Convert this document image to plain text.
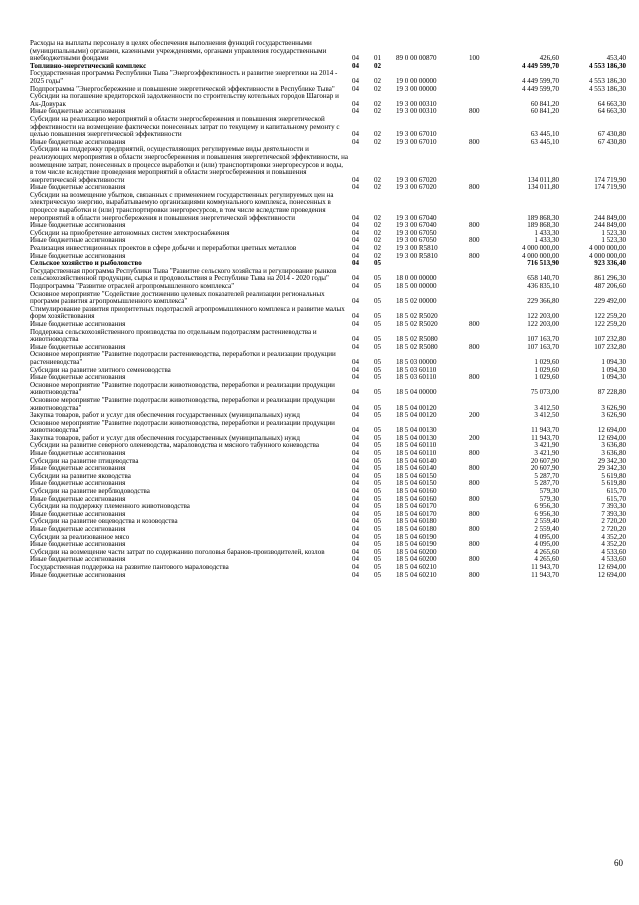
Расходы на выплаты персоналу в целях обеспечения выполнения функций государственными (муниципальными) органами, казенными учреждениями, органами управления государственными внебюджетными фондами	04	01	89 0 00 00870	100	426,60	453,40
Топливно-энергетический комплекс	04	02			4 449 599,70	4 553 186,30
Государственная программа Республики Тыва "Энергоэффективность и развитие энергетики на 2014 - 2025 годы"	04	02	19 0 00 00000		4 449 599,70	4 553 186,30
Подпрограмма "Энергосбережение и повышение энергетической эффективности в Республике Тыва"	04	02	19 3 00 00000		4 449 599,70	4 553 186,30
Субсидии на погашение кредиторской задолженности по строительству котельных городов Шагонар и Ак-Довурак	04	02	19 3 00 00310		60 841,20	64 663,30
Иные бюджетные ассигнования	04	02	19 3 00 00310	800	60 841,20	64 663,30
Субсидии на реализацию мероприятий в области энергосбережения и повышения энергетической эффективности на возмещение фактически понесенных затрат по текущему и капитальному ремонту с целью повышения энергетической эффективности	04	02	19 3 00 67010		63 445,10	67 430,80
Иные бюджетные ассигнования	04	02	19 3 00 67010	800	63 445,10	67 430,80
Субсидии на поддержку предприятий, осуществляющих регулируемые виды деятельности и реализующих мероприятия в области энергосбережения и повышения энергетической эффективности, на возмещение затрат, понесенных в процессе выработки и (или) транспортировки энергоресурсов и воды, в том числе вследствие проведения мероприятий в области энергосбережения и повышения энергетической эффективности	04	02	19 3 00 67020		134 011,80	174 719,90
Иные бюджетные ассигнования	04	02	19 3 00 67020	800	134 011,80	174 719,90
Субсидии на возмещение убытков, связанных с применением государственных регулируемых цен на электрическую энергию, вырабатываемую организациями коммунального комплекса, понесенных в процессе выработки и (или) транспортировки энергоресурсов, в том числе вследствие проведения мероприятий в области энергосбережения и повышения энергетической эффективности	04	02	19 3 00 67040		189 868,30	244 849,00
Иные бюджетные ассигнования	04	02	19 3 00 67040	800	189 868,30	244 849,00
Субсидии на приобретение автономных систем электроснабжения	04	02	19 3 00 67050		1 433,30	1 523,30
Иные бюджетные ассигнования	04	02	19 3 00 67050	800	1 433,30	1 523,30
Реализация инвестиционных проектов в сфере добычи и переработки цветных металлов	04	02	19 3 00 R5810		4 000 000,00	4 000 000,00
Иные бюджетные ассигнования	04	02	19 3 00 R5810	800	4 000 000,00	4 000 000,00
Сельское хозяйство и рыболовство	04	05			716 513,90	923 336,40
Государственная программа Республики Тыва "Развитие сельского хозяйства и регулирование рынков сельскохозяйственной продукции, сырья и продовольствия в Республике Тыва на 2014 - 2020 годы"	04	05	18 0 00 00000		658 140,70	861 296,30
Подпрограмма "Развитие отраслей агропромышленного комплекса"	04	05	18 5 00 00000		436 835,10	487 206,60
Основное мероприятие "Содействие достижению целевых показателей реализации региональных программ развития агропромышленного комплекса"	04	05	18 5 02 00000		229 366,80	229 492,00
Стимулирование развития приоритетных подотраслей агропромышленного комплекса и развитие малых форм хозяйствования	04	05	18 5 02 R5020		122 203,00	122 259,20
Иные бюджетные ассигнования	04	05	18 5 02 R5020	800	122 203,00	122 259,20
Поддержка сельскохозяйственного производства по отдельным подотраслям растениеводства и животноводства	04	05	18 5 02 R5080		107 163,70	107 232,80
Иные бюджетные ассигнования	04	05	18 5 02 R5080	800	107 163,70	107 232,80
Основное мероприятие "Развитие подотрасли растениеводства, переработки и реализации продукции растениеводства"	04	05	18 5 03 00000		1 029,60	1 094,30
Субсидии на развитие элитного семеноводства	04	05	18 5 03 60110		1 029,60	1 094,30
Иные бюджетные ассигнования	04	05	18 5 03 60110	800	1 029,60	1 094,30
Основное мероприятие "Развитие подотрасли животноводства, переработки и реализации продукции животноводства"	04	05	18 5 04 00000		75 073,00	87 228,80
Основное мероприятие "Развитие подотрасли животноводства, переработки и реализации продукции животноводства"	04	05	18 5 04 00120		3 412,50	3 626,90
Закупка товаров, работ и услуг для обеспечения государственных (муниципальных) нужд	04	05	18 5 04 00120	200	3 412,50	3 626,90
Основное мероприятие "Развитие подотрасли животноводства, переработки и реализации продукции животноводства"	04	05	18 5 04 00130		11 943,70	12 694,00
Закупка товаров, работ и услуг для обеспечения государственных (муниципальных) нужд	04	05	18 5 04 00130	200	11 943,70	12 694,00
Субсидии на развитие северного оленеводства, мараловодства и мясного табунного коневодства	04	05	18 5 04 60110		3 421,90	3 636,80
Иные бюджетные ассигнования	04	05	18 5 04 60110	800	3 421,90	3 636,80
Субсидии на развитие птицеводства	04	05	18 5 04 60140		20 607,90	29 342,30
Иные бюджетные ассигнования	04	05	18 5 04 60140	800	20 607,90	29 342,30
Субсидии на развитие яководства	04	05	18 5 04 60150		5 287,70	5 619,80
Иные бюджетные ассигнования	04	05	18 5 04 60150	800	5 287,70	5 619,80
Субсидии на развитие верблюдоводства	04	05	18 5 04 60160		579,30	615,70
Иные бюджетные ассигнования	04	05	18 5 04 60160	800	579,30	615,70
Субсидии на поддержку племенного животноводства	04	05	18 5 04 60170		6 956,30	7 393,30
Иные бюджетные ассигнования	04	05	18 5 04 60170	800	6 956,30	7 393,30
Субсидии на развитие овцеводства и козоводства	04	05	18 5 04 60180		2 559,40	2 720,20
Иные бюджетные ассигнования	04	05	18 5 04 60180	800	2 559,40	2 720,20
Субсидии за реализованное мясо	04	05	18 5 04 60190		4 095,00	4 352,20
Иные бюджетные ассигнования	04	05	18 5 04 60190	800	4 095,00	4 352,20
Субсидии на возмещение части затрат по содержанию поголовья баранов-производителей, козлов	04	05	18 5 04 60200		4 265,60	4 533,60
Иные бюджетные ассигнования	04	05	18 5 04 60200	800	4 265,60	4 533,60
Государственная поддержка на развитие пантового мараловодства	04	05	18 5 04 60210		11 943,70	12 694,00
Иные бюджетные ассигнования	04	05	18 5 04 60210	800	11 943,70	12 694,00
60
